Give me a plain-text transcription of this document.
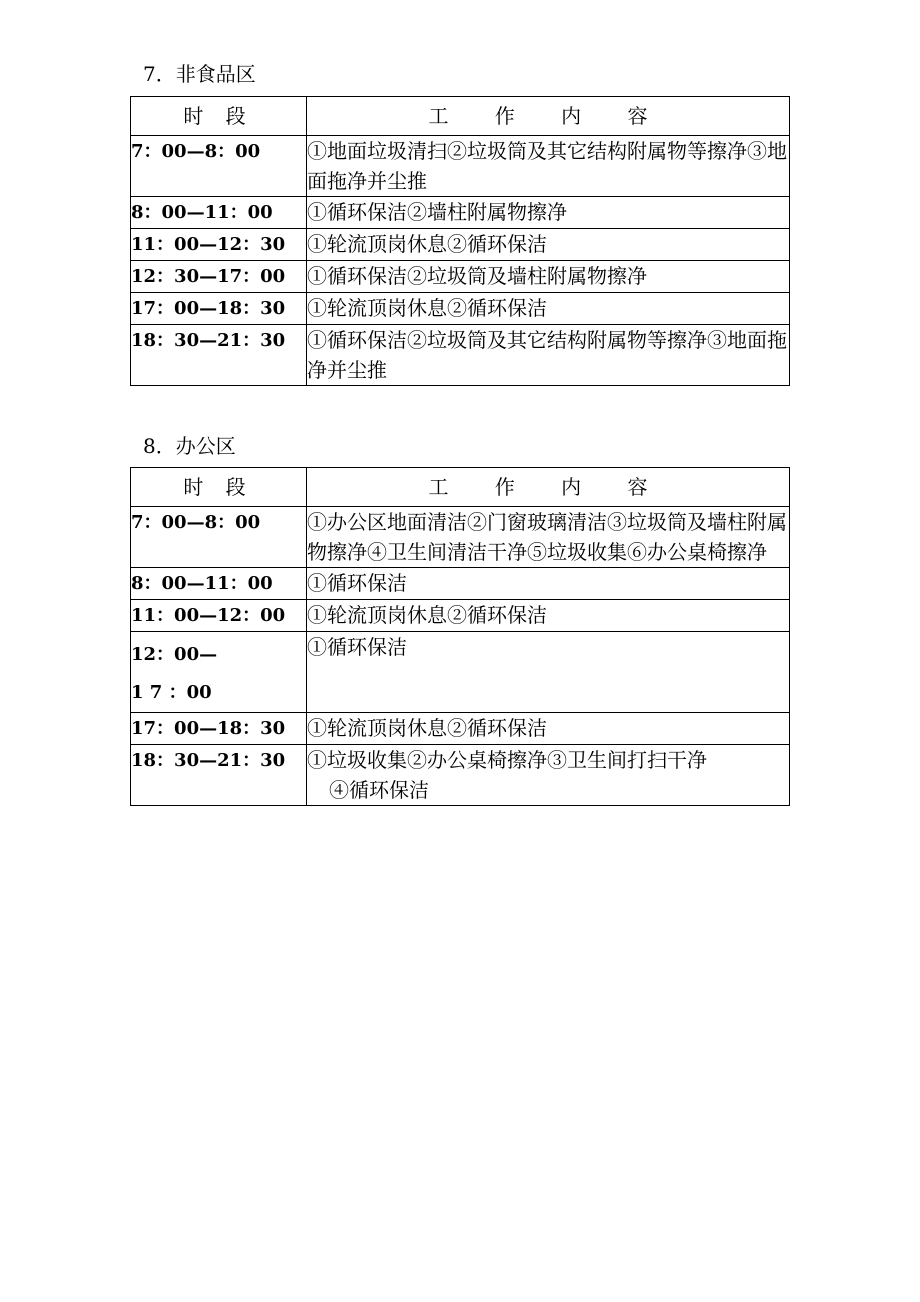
7．非食品区
时 段	工 作 内 容
7：00—8：00	①地面垃圾清扫②垃圾筒及其它结构附属物等擦净③地面拖净并尘推
8：00—11：00	①循环保洁②墙柱附属物擦净
11：00—12：30	①轮流顶岗休息②循环保洁
12：30—17：00	①循环保洁②垃圾筒及墙柱附属物擦净
17：00—18：30	①轮流顶岗休息②循环保洁
18：30—21：30	①循环保洁②垃圾筒及其它结构附属物等擦净③地面拖净并尘推
8．办公区
时 段	工 作 内 容
7：00—8：00	①办公区地面清洁②门窗玻璃清洁③垃圾筒及墙柱附属物擦净④卫生间清洁干净⑤垃圾收集⑥办公桌椅擦净
8：00—11：00	①循环保洁
11：00—12：00	①轮流顶岗休息②循环保洁

12：00—
1 7 ：00	①循环保洁
17：00—18：30	①轮流顶岗休息②循环保洁
18：30—21：30	①垃圾收集②办公桌椅擦净③卫生间打扫干净
④循环保洁
